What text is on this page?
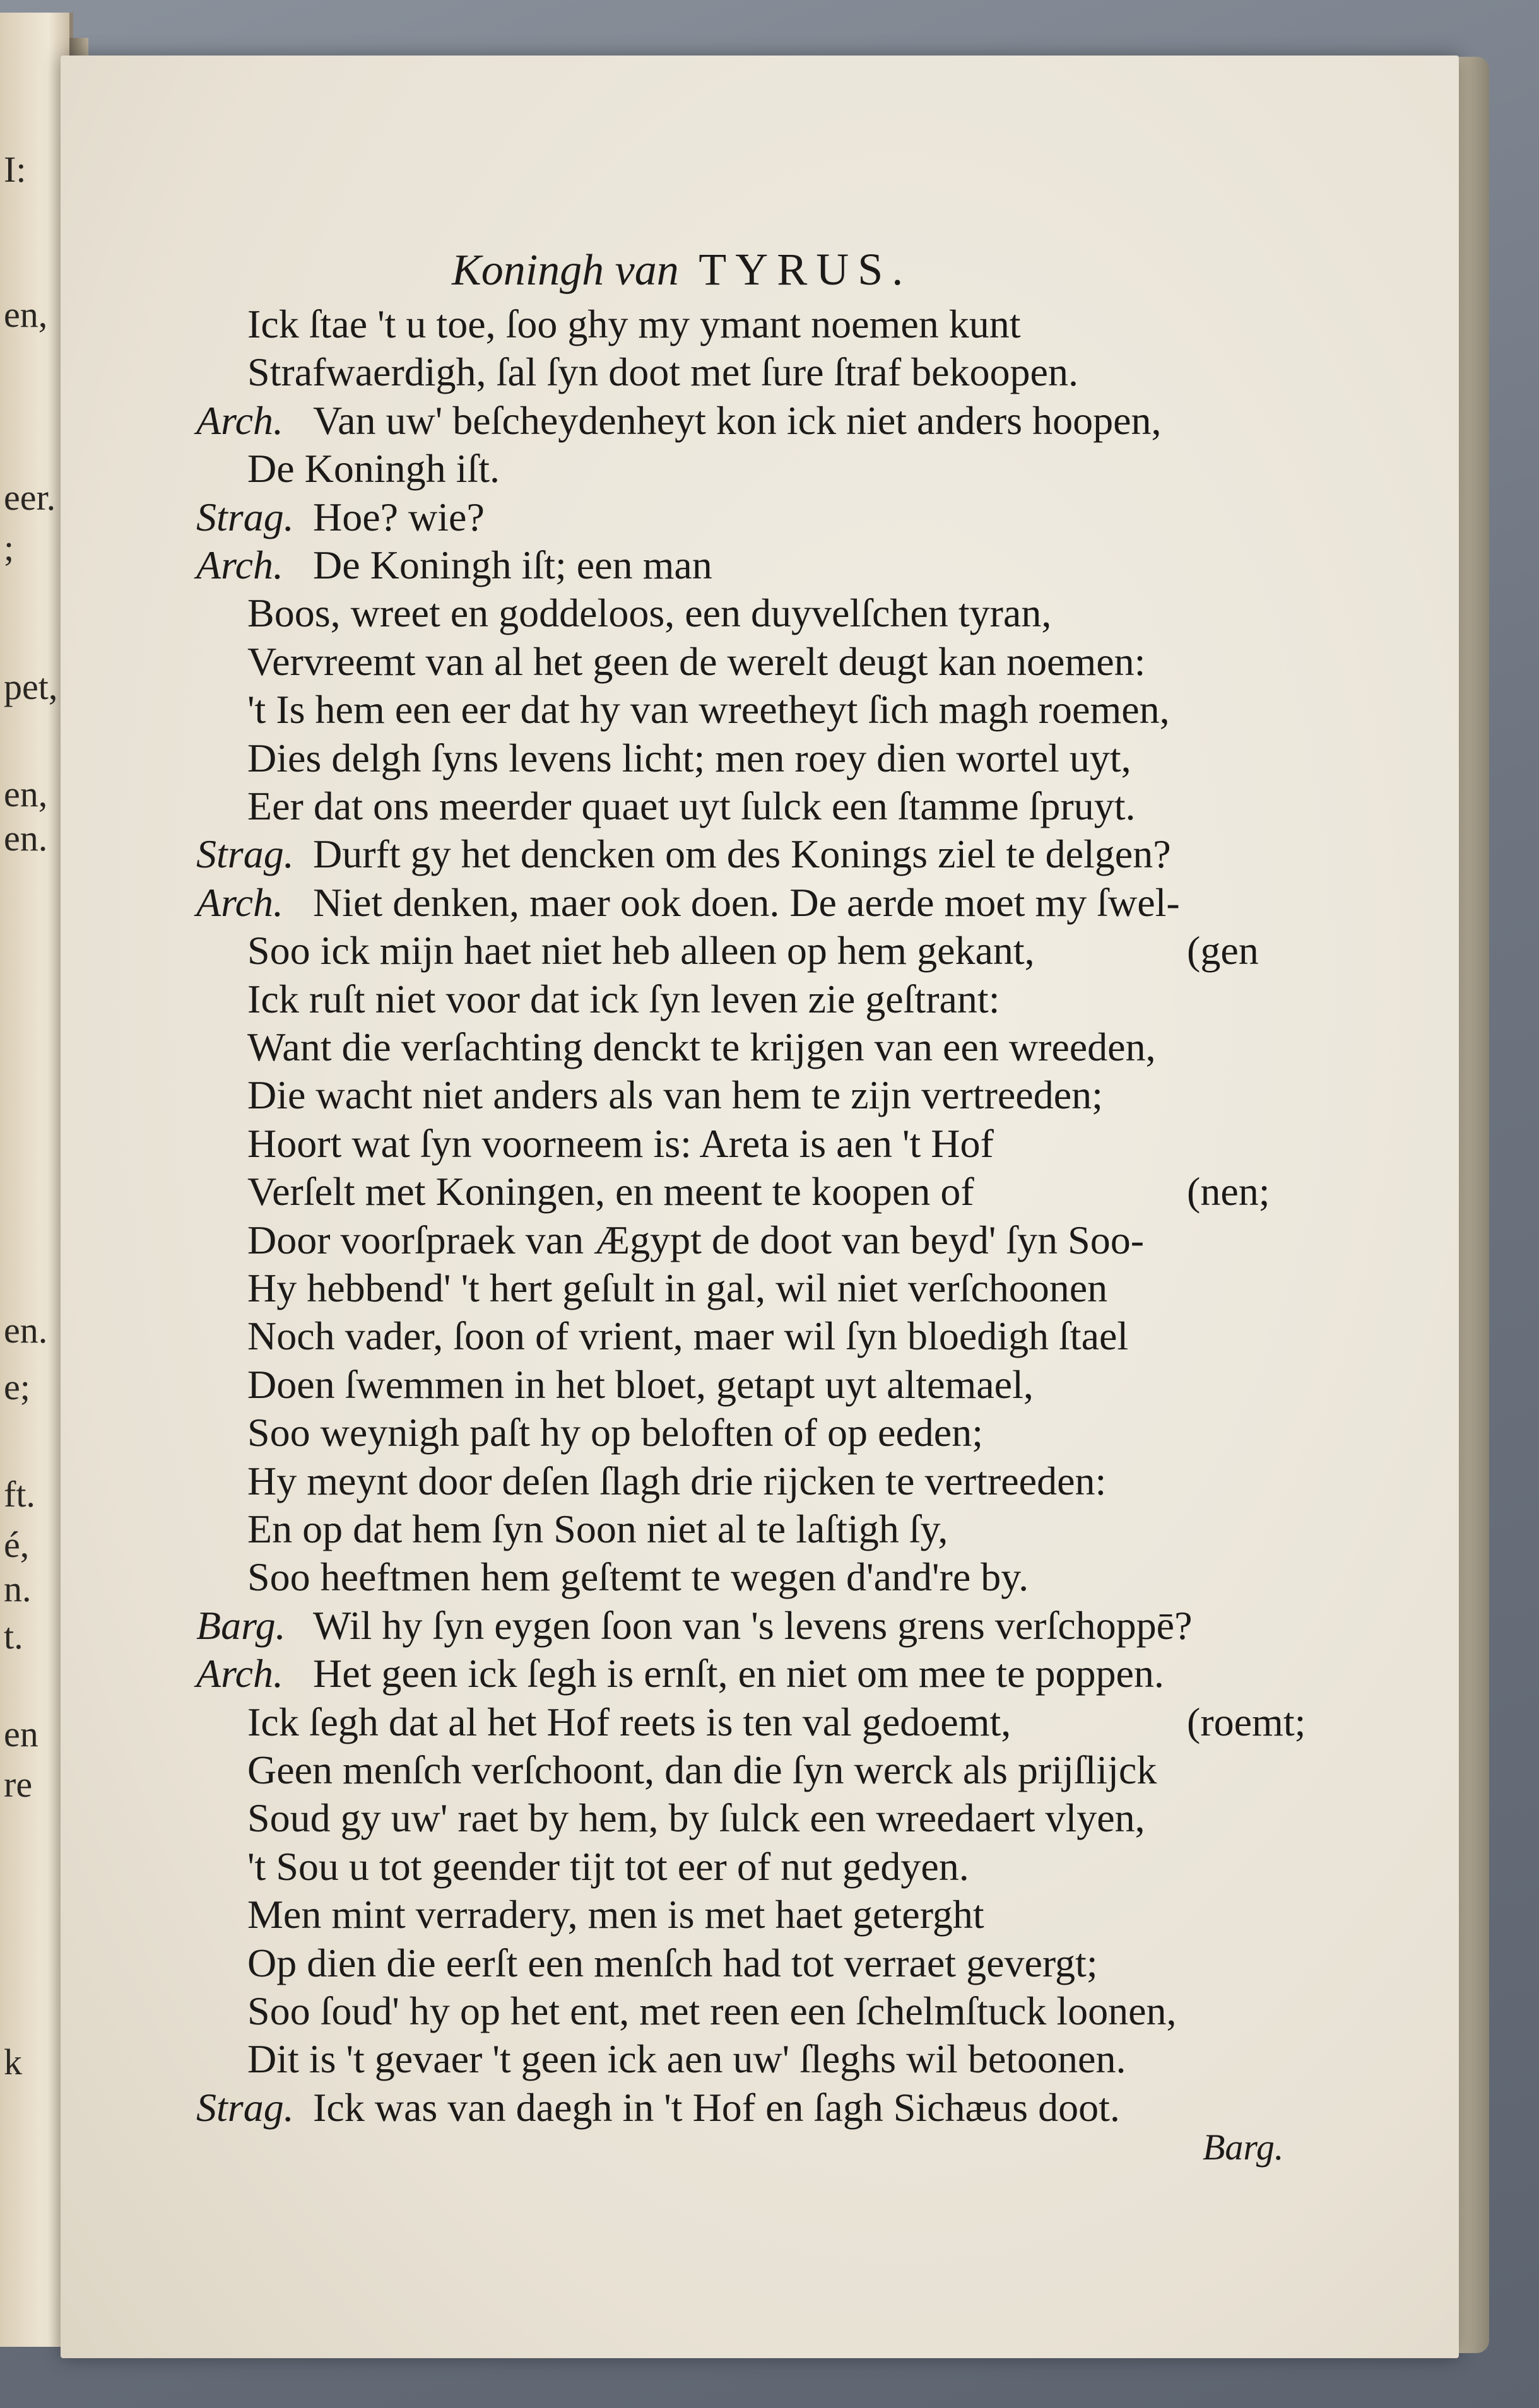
I:
en,
eer.
;
pet,
en,
en.
en.
e;
ft.
é,
n.
t.
en
re
k
Koningh van TYRUS.
Ick ſtae 't u toe, ſoo ghy my ymant noemen kunt
Strafwaerdigh, ſal ſyn doot met ſure ſtraf bekoopen.
Arch. Van uw' beſcheydenheyt kon ick niet anders hoopen,
De Koningh iſt.
Strag. Hoe? wie?
Arch. De Koningh iſt; een man
Boos, wreet en goddeloos, een duyvelſchen tyran,
Vervreemt van al het geen de werelt deugt kan noemen:
't Is hem een eer dat hy van wreetheyt ſich magh roemen,
Dies delgh ſyns levens licht; men roey dien wortel uyt,
Eer dat ons meerder quaet uyt ſulck een ſtamme ſpruyt.
Strag. Durft gy het dencken om des Konings ziel te delgen?
Arch. Niet denken, maer ook doen. De aerde moet my ſwel-
Soo ick mijn haet niet heb alleen op hem gekant,	(gen
Ick ruſt niet voor dat ick ſyn leven zie geſtrant:
Want die verſachting denckt te krijgen van een wreeden,
Die wacht niet anders als van hem te zijn vertreeden;
Hoort wat ſyn voorneem is: Areta is aen 't Hof
Verſelt met Koningen, en meent te koopen of	(nen;
Door voorſpraek van Ægypt de doot van beyd' ſyn Soo-
Hy hebbend' 't hert geſult in gal, wil niet verſchoonen
Noch vader, ſoon of vrient, maer wil ſyn bloedigh ſtael
Doen ſwemmen in het bloet, getapt uyt altemael,
Soo weynigh paſt hy op beloften of op eeden;
Hy meynt door deſen ſlagh drie rijcken te vertreeden:
En op dat hem ſyn Soon niet al te laſtigh ſy,
Soo heeftmen hem geſtemt te wegen d'and're by.
Barg. Wil hy ſyn eygen ſoon van 's levens grens verſchoppē?
Arch. Het geen ick ſegh is ernſt, en niet om mee te poppen.
Ick ſegh dat al het Hof reets is ten val gedoemt,	(roemt;
Geen menſch verſchoont, dan die ſyn werck als prijſlijck
Soud gy uw' raet by hem, by ſulck een wreedaert vlyen,
't Sou u tot geender tijt tot eer of nut gedyen.
Men mint verradery, men is met haet geterght
Op dien die eerſt een menſch had tot verraet gevergt;
Soo ſoud' hy op het ent, met reen een ſchelmſtuck loonen,
Dit is 't gevaer 't geen ick aen uw' ſleghs wil betoonen.
Strag. Ick was van daegh in 't Hof en ſagh Sichæus doot.
Barg.
